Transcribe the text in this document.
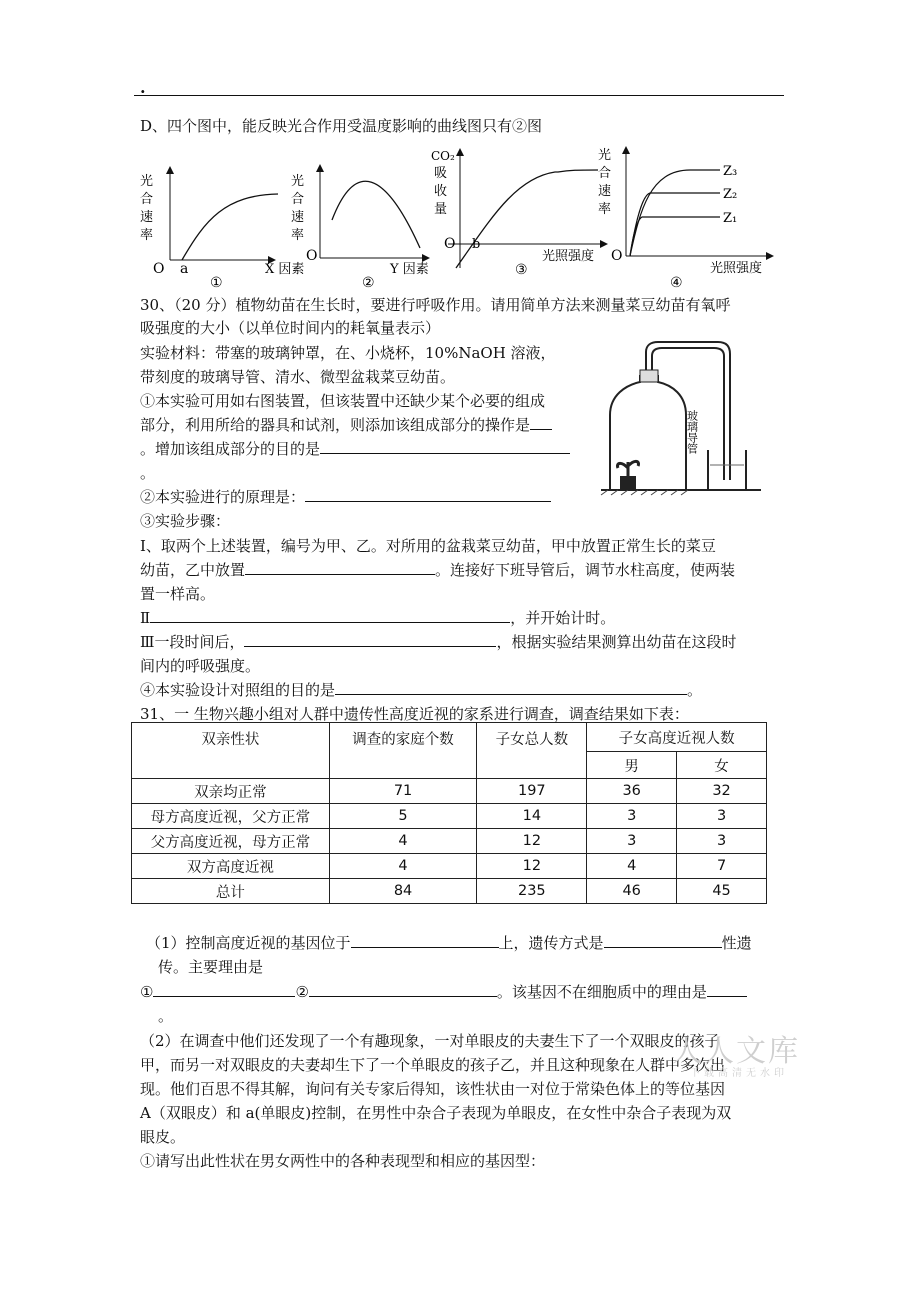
.
D、四个图中，能反映光合作用受温度影响的曲线图只有②图
光
合
速
率
O a	X 因素
①
光
合
速
率
O
Y 因素
②
CO₂
吸
收
量
O b
光照强度
③
光
合
速
率
O
Z₃
Z₂
Z₁
光照强度
④
30、（20 分）植物幼苗在生长时，要进行呼吸作用。请用简单方法来测量菜豆幼苗有氧呼
吸强度的大小（以单位时间内的耗氧量表示）
实验材料：带塞的玻璃钟罩，在、小烧杯，10%NaOH 溶液，
带刻度的玻璃导管、清水、微型盆栽菜豆幼苗。
①本实验可用如右图装置，但该装置中还缺少某个必要的组成
部分，利用所给的器具和试剂，则添加该组成部分的操作是
。增加该组成部分的目的是
。
玻璃导管
②本实验进行的原理是：
③实验步骤：
Ⅰ、取两个上述装置，编号为甲、乙。对所用的盆栽菜豆幼苗，甲中放置正常生长的菜豆
幼苗，乙中放置	。连接好下班导管后，调节水柱高度，使两装
置一样高。
Ⅱ	，并开始计时。
Ⅲ一段时间后，	，根据实验结果测算出幼苗在这段时
间内的呼吸强度。
④本实验设计对照组的目的是	。
31、一 生物兴趣小组对人群中遗传性高度近视的家系进行调查，调查结果如下表：
双亲性状	调查的家庭个数	子女总人数	子女高度近视人数	
			男	女
双亲均正常	71	197	36	32
母方高度近视，父方正常	5	14	3	3
父方高度近视，母方正常	4	12	3	3
双方高度近视	4	12	4	7
总计	84	235	46	45
（1）控制高度近视的基因位于	上，遗传方式是	性遗
传。主要理由是
①	②	。该基因不在细胞质中的理由是
。
（2）在调查中他们还发现了一个有趣现象，一对单眼皮的夫妻生下了一个双眼皮的孩子
甲，而另一对双眼皮的夫妻却生下了一个单眼皮的孩子乙，并且这种现象在人群中多次出
现。他们百思不得其解，询问有关专家后得知，该性状由一对位于常染色体上的等位基因
A（双眼皮）和 a(单眼皮)控制，在男性中杂合子表现为单眼皮，在女性中杂合子表现为双
眼皮。
①请写出此性状在男女两性中的各种表现型和相应的基因型：
人人文库
下载高清无水印
